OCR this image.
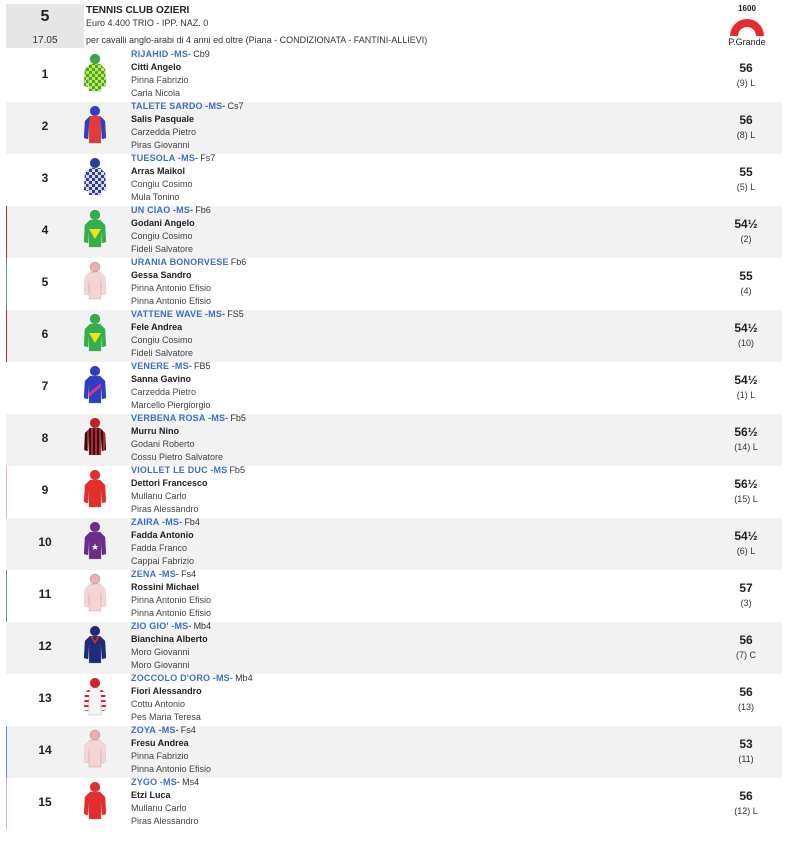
5
17.05
TENNIS CLUB OZIERI
Euro 4.400 TRIO - IPP. NAZ. 0
per cavalli anglo-arabi di 4 anni ed oltre (Piana - CONDIZIONATA - FANTINI-ALLIEVI)
1600
P.Grande
1
RIJAHID -MS- Cb9
Citti Angelo
Pinna Fabrizio
Caria Nicola
56
(9) L
2
TALETE SARDO -MS- Cs7
Salis Pasquale
Carzedda Pietro
Piras Giovanni
56
(8) L
3
TUESOLA -MS- Fs7
Arras Maikol
Congiu Cosimo
Mula Tonino
55
(5) L
4
UN CIAO -MS- Fb6
Godani Angelo
Congiu Cosimo
Fideli Salvatore
54½
(2)
5
URANIA BONORVESE Fb6
Gessa Sandro
Pinna Antonio Efisio
Pinna Antonio Efisio
55
(4)
6
VATTENE WAVE -MS- FS5
Fele Andrea
Congiu Cosimo
Fideli Salvatore
54½
(10)
7
VENERE -MS- FB5
Sanna Gavino
Carzedda Pietro
Marcello Piergiorgio
54½
(1) L
8
VERBENA ROSA -MS- Fb5
Murru Nino
Godani Roberto
Cossu Pietro Salvatore
56½
(14) L
9
VIOLLET LE DUC -MS Fb5
Dettori Francesco
Mullanu Carlo
Piras Alessandro
56½
(15) L
10	★
ZAIRA -MS- Fb4
Fadda Antonio
Fadda Franco
Cappai Fabrizio
54½
(6) L
11
ZENA -MS- Fs4
Rossini Michael
Pinna Antonio Efisio
Pinna Antonio Efisio
57
(3)
12
ZIO GIO' -MS- Mb4
Bianchina Alberto
Moro Giovanni
Moro Giovanni
56
(7) C
13
ZOCCOLO D'ORO -MS- Mb4
Fiori Alessandro
Cottu Antonio
Pes Maria Teresa
56
(13)
14
ZOYA -MS- Fs4
Fresu Andrea
Pinna Fabrizio
Pinna Antonio Efisio
53
(11)
15
ZYGO -MS- Ms4
Etzi Luca
Mullanu Carlo
Piras Alessandro
56
(12) L
